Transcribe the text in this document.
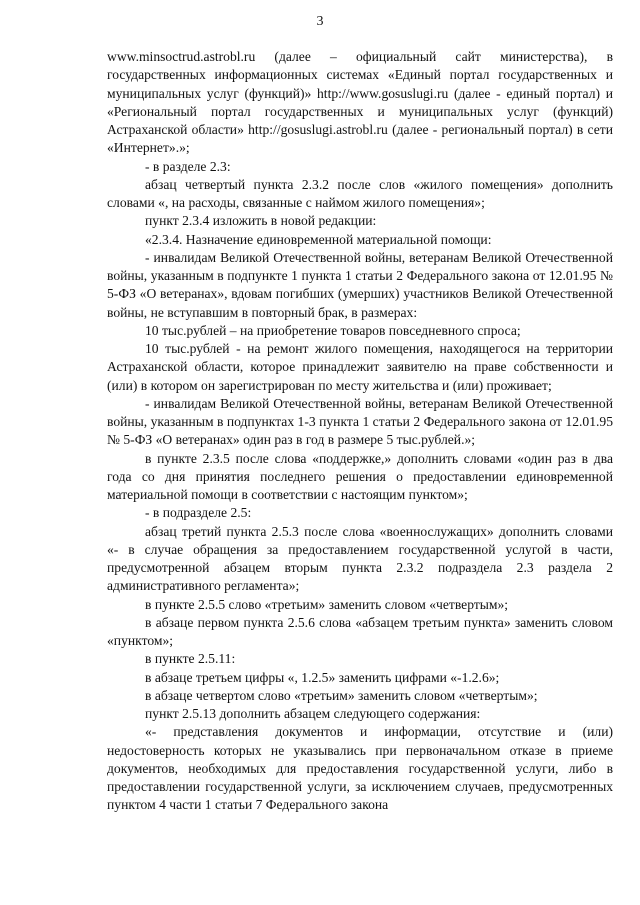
3

www.minsoctrud.astrobl.ru (далее – официальный сайт министерства), в государственных информационных системах «Единый портал государственных и муниципальных услуг (функций)» http://www.gosuslugi.ru (далее - единый портал) и «Региональный портал государственных и муниципальных услуг (функций) Астраханской области» http://gosuslugi.astrobl.ru (далее - региональный портал) в сети «Интернет».»;

- в разделе 2.3:

абзац четвертый пункта 2.3.2 после слов «жилого помещения» дополнить словами «, на расходы, связанные с наймом жилого помещения»;

пункт 2.3.4 изложить в новой редакции:

«2.3.4. Назначение единовременной материальной помощи:

- инвалидам Великой Отечественной войны, ветеранам Великой Отечественной войны, указанным в подпункте 1 пункта 1 статьи 2 Федерального закона от 12.01.95 № 5-ФЗ «О ветеранах», вдовам погибших (умерших) участников Великой Отечественной войны, не вступавшим в повторный брак, в размерах:

10 тыс.рублей – на приобретение товаров повседневного спроса;

10 тыс.рублей - на ремонт жилого помещения, находящегося на территории Астраханской области, которое принадлежит заявителю на праве собственности и (или) в котором он зарегистрирован по месту жительства и (или) проживает;

- инвалидам Великой Отечественной войны, ветеранам Великой Отечественной войны, указанным в подпунктах 1-3 пункта 1 статьи 2 Федерального закона от 12.01.95 № 5-ФЗ «О ветеранах» один раз в год в размере 5 тыс.рублей.»;

в пункте 2.3.5 после слова «поддержке,» дополнить словами «один раз в два года со дня принятия последнего решения о предоставлении единовременной материальной помощи в соответствии с настоящим пунктом»;

- в подразделе 2.5:

абзац третий пункта 2.5.3 после слова «военнослужащих» дополнить словами «- в случае обращения за предоставлением государственной услугой в части, предусмотренной абзацем вторым пункта 2.3.2 подраздела 2.3 раздела 2 административного регламента»;

в пункте 2.5.5 слово «третьим» заменить словом «четвертым»;

в абзаце первом пункта 2.5.6 слова «абзацем третьим пункта» заменить словом «пунктом»;

в пункте 2.5.11:

в абзаце третьем цифры «, 1.2.5» заменить цифрами «-1.2.6»;

в абзаце четвертом слово «третьим» заменить словом «четвертым»;

пункт 2.5.13 дополнить абзацем следующего содержания:

«- представления документов и информации, отсутствие и (или) недостоверность которых не указывались при первоначальном отказе в приеме документов, необходимых для предоставления государственной услуги, либо в предоставлении государственной услуги, за исключением случаев, предусмотренных пунктом 4 части 1 статьи 7 Федерального закона
